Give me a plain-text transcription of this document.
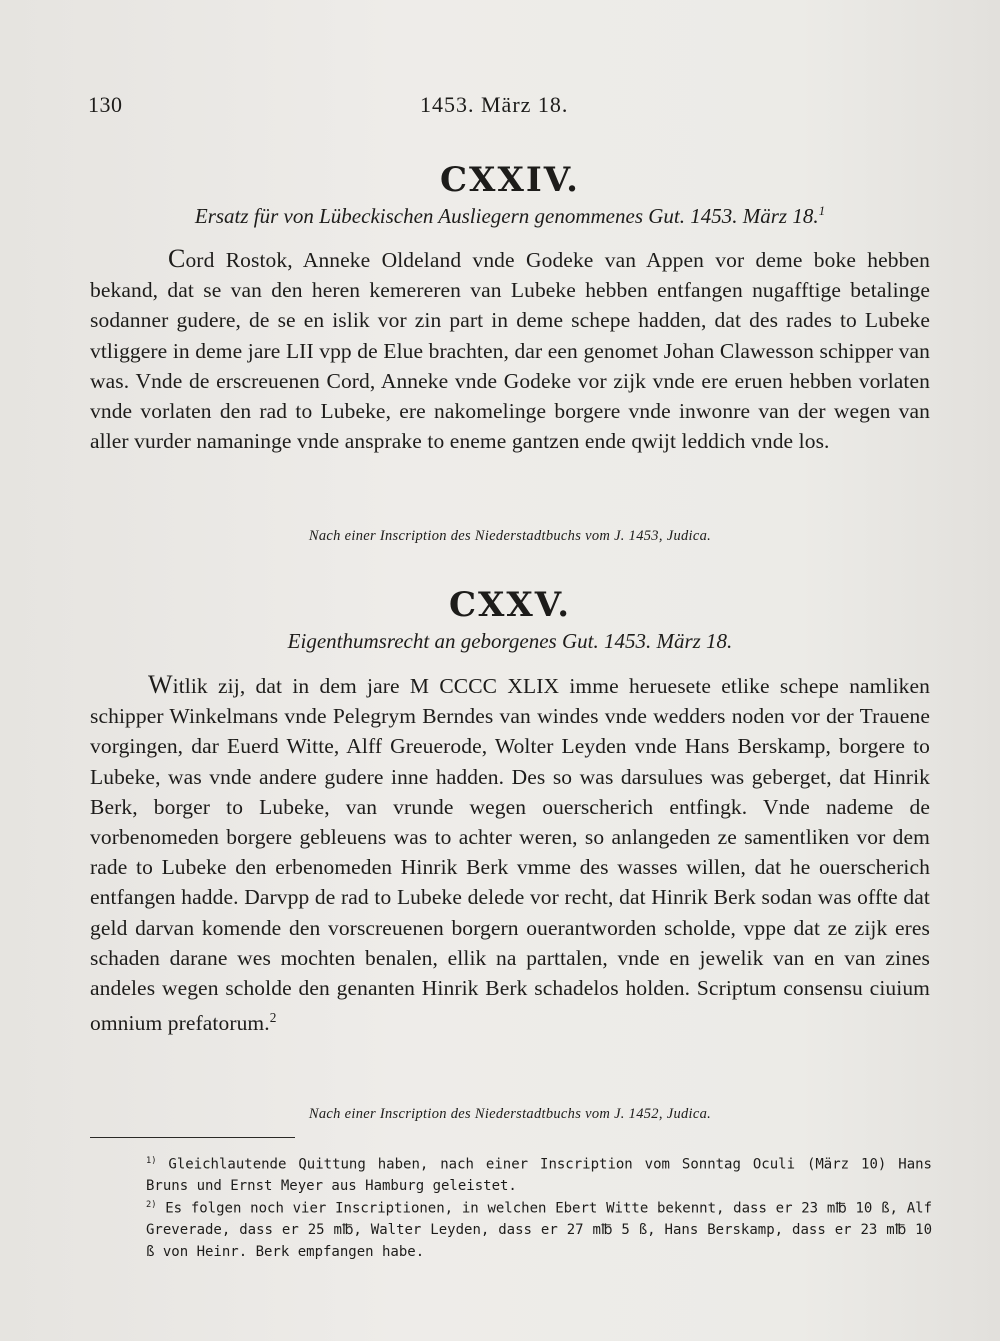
130	1453. März 18.
CXXIV.
Ersatz für von Lübeckischen Ausliegern genommenes Gut. 1453. März 18.$^1$
Cord Rostok, Anneke Oldeland vnde Godeke van Appen vor deme boke hebben bekand, dat se van den heren kemereren van Lubeke hebben entfangen nugafftige betalinge sodanner gudere, de se en islik vor zin part in deme schepe hadden, dat des rades to Lubeke vtliggere in deme jare LII vpp de Elue brachten, dar een genomet Johan Clawesson schipper van was. Vnde de erscreuenen Cord, Anneke vnde Godeke vor zijk vnde ere eruen hebben vorlaten vnde vorlaten den rad to Lubeke, ere nakomelinge borgere vnde inwonre van der wegen van aller vurder namaninge vnde ansprake to eneme gantzen ende qwijt leddich vnde los.
Nach einer Inscription des Niederstadtbuchs vom J. 1453, Judica.
CXXV.
Eigenthumsrecht an geborgenes Gut. 1453. März 18.
Witlik zij, dat in dem jare M CCCC XLIX imme heruesete etlike schepe namliken schipper Winkelmans vnde Pelegrym Berndes van windes vnde wedders noden vor der Trauene vorgingen, dar Euerd Witte, Alff Greuerode, Wolter Leyden vnde Hans Berskamp, borgere to Lubeke, was vnde andere gudere inne hadden. Des so was darsulues was geberget, dat Hinrik Berk, borger to Lubeke, van vrunde wegen ouerscherich entfingk. Vnde nademe de vorbenomeden borgere gebleuens was to achter weren, so anlangeden ze samentliken vor dem rade to Lubeke den erbenomeden Hinrik Berk vmme des wasses willen, dat he ouerscherich entfangen hadde. Darvpp de rad to Lubeke delede vor recht, dat Hinrik Berk sodan was offte dat geld darvan komende den vorscreuenen borgern ouerantworden scholde, vppe dat ze zijk eres schaden darane wes mochten benalen, ellik na parttalen, vnde en jewelik van en van zines andeles wegen scholde den genanten Hinrik Berk schadelos holden. Scriptum consensu ciuium omnium prefatorum.$^2$
Nach einer Inscription des Niederstadtbuchs vom J. 1452, Judica.
$^{1)}$ Gleichlautende Quittung haben, nach einer Inscription vom Sonntag Oculi (März 10) Hans Bruns und Ernst Meyer aus Hamburg geleistet.
$^{2)}$ Es folgen noch vier Inscriptionen, in welchen Ebert Witte bekennt, dass er 23 m℔ 10 ß, Alf Greverade, dass er 25 m℔, Walter Leyden, dass er 27 m℔ 5 ß, Hans Berskamp, dass er 23 m℔ 10 ß von Heinr. Berk empfangen habe.
